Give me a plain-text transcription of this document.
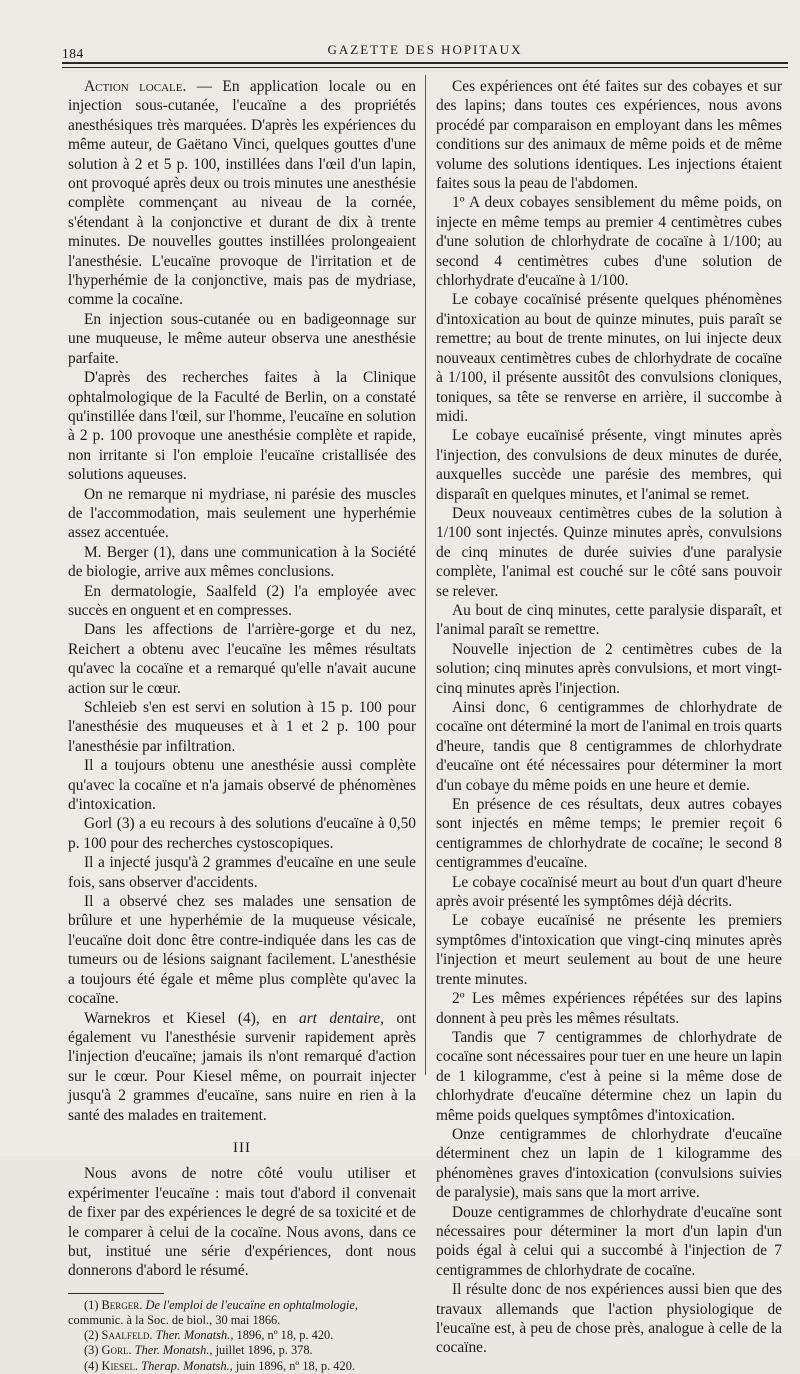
184	GAZETTE DES HOPITAUX

Action locale. — En application locale ou en injection sous-cutanée, l'eucaïne a des propriétés anesthésiques très marquées. D'après les expériences du même auteur, de Gaëtano Vinci, quelques gouttes d'une solution à 2 et 5 p. 100, instillées dans l'œil d'un lapin, ont provoqué après deux ou trois minutes une anesthésie complète commençant au niveau de la cornée, s'étendant à la conjonctive et durant de dix à trente minutes. De nouvelles gouttes instillées prolongeaient l'anesthésie. L'eucaïne provoque de l'irritation et de l'hyperhémie de la conjonctive, mais pas de mydriase, comme la cocaïne.

En injection sous-cutanée ou en badigeonnage sur une muqueuse, le même auteur observa une anesthésie parfaite.

D'après des recherches faites à la Clinique ophtalmologique de la Faculté de Berlin, on a constaté qu'instillée dans l'œil, sur l'homme, l'eucaïne en solution à 2 p. 100 provoque une anesthésie complète et rapide, non irritante si l'on emploie l'eucaïne cristallisée des solutions aqueuses.

On ne remarque ni mydriase, ni parésie des muscles de l'accommodation, mais seulement une hyperhémie assez accentuée.

M. Berger (1), dans une communication à la Société de biologie, arrive aux mêmes conclusions.

En dermatologie, Saalfeld (2) l'a employée avec succès en onguent et en compresses.

Dans les affections de l'arrière-gorge et du nez, Reichert a obtenu avec l'eucaïne les mêmes résultats qu'avec la cocaïne et a remarqué qu'elle n'avait aucune action sur le cœur.

Schleieb s'en est servi en solution à 15 p. 100 pour l'anesthésie des muqueuses et à 1 et 2 p. 100 pour l'anesthésie par infiltration.

Il a toujours obtenu une anesthésie aussi complète qu'avec la cocaïne et n'a jamais observé de phénomènes d'intoxication.

Gorl (3) a eu recours à des solutions d'eucaïne à 0,50 p. 100 pour des recherches cystoscopiques.

Il a injecté jusqu'à 2 grammes d'eucaïne en une seule fois, sans observer d'accidents.

Il a observé chez ses malades une sensation de brûlure et une hyperhémie de la muqueuse vésicale, l'eucaïne doit donc être contre-indiquée dans les cas de tumeurs ou de lésions saignant facilement. L'anesthésie a toujours été égale et même plus complète qu'avec la cocaïne.

Warnekros et Kiesel (4), en art dentaire, ont également vu l'anesthésie survenir rapidement après l'injection d'eucaïne; jamais ils n'ont remarqué d'action sur le cœur. Pour Kiesel même, on pourrait injecter jusqu'à 2 grammes d'eucaïne, sans nuire en rien à la santé des malades en traitement.

III

Nous avons de notre côté voulu utiliser et expérimenter l'eucaïne : mais tout d'abord il convenait de fixer par des expériences le degré de sa toxicité et de le comparer à celui de la cocaïne. Nous avons, dans ce but, institué une série d'expériences, dont nous donnerons d'abord le résumé.

(1) Berger. De l'emploi de l'eucaïne en ophtalmologie, communic. à la Soc. de biol., 30 mai 1866.

(2) Saalfeld. Ther. Monatsh., 1896, nº 18, p. 420.

(3) Gorl. Ther. Monatsh., juillet 1896, p. 378.

(4) Kiesel. Therap. Monatsh., juin 1896, nº 18, p. 420.

Ces expériences ont été faites sur des cobayes et sur des lapins; dans toutes ces expériences, nous avons procédé par comparaison en employant dans les mêmes conditions sur des animaux de même poids et de même volume des solutions identiques. Les injections étaient faites sous la peau de l'abdomen.

1º A deux cobayes sensiblement du même poids, on injecte en même temps au premier 4 centimètres cubes d'une solution de chlorhydrate de cocaïne à 1/100; au second 4 centimètres cubes d'une solution de chlorhydrate d'eucaïne à 1/100.

Le cobaye cocaïnisé présente quelques phénomènes d'intoxication au bout de quinze minutes, puis paraît se remettre; au bout de trente minutes, on lui injecte deux nouveaux centimètres cubes de chlorhydrate de cocaïne à 1/100, il présente aussitôt des convulsions cloniques, toniques, sa tête se renverse en arrière, il succombe à midi.

Le cobaye eucaïnisé présente, vingt minutes après l'injection, des convulsions de deux minutes de durée, auxquelles succède une parésie des membres, qui disparaît en quelques minutes, et l'animal se remet.

Deux nouveaux centimètres cubes de la solution à 1/100 sont injectés. Quinze minutes après, convulsions de cinq minutes de durée suivies d'une paralysie complète, l'animal est couché sur le côté sans pouvoir se relever.

Au bout de cinq minutes, cette paralysie disparaît, et l'animal paraît se remettre.

Nouvelle injection de 2 centimètres cubes de la solution; cinq minutes après convulsions, et mort vingt-cinq minutes après l'injection.

Ainsi donc, 6 centigrammes de chlorhydrate de cocaïne ont déterminé la mort de l'animal en trois quarts d'heure, tandis que 8 centigrammes de chlorhydrate d'eucaïne ont été nécessaires pour déterminer la mort d'un cobaye du même poids en une heure et demie.

En présence de ces résultats, deux autres cobayes sont injectés en même temps; le premier reçoit 6 centigrammes de chlorhydrate de cocaïne; le second 8 centigrammes d'eucaïne.

Le cobaye cocaïnisé meurt au bout d'un quart d'heure après avoir présenté les symptômes déjà décrits.

Le cobaye eucaïnisé ne présente les premiers symptômes d'intoxication que vingt-cinq minutes après l'injection et meurt seulement au bout de une heure trente minutes.

2º Les mêmes expériences répétées sur des lapins donnent à peu près les mêmes résultats.

Tandis que 7 centigrammes de chlorhydrate de cocaïne sont nécessaires pour tuer en une heure un lapin de 1 kilogramme, c'est à peine si la même dose de chlorhydrate d'eucaïne détermine chez un lapin du même poids quelques symptômes d'intoxication.

Onze centigrammes de chlorhydrate d'eucaïne déterminent chez un lapin de 1 kilogramme des phénomènes graves d'intoxication (convulsions suivies de paralysie), mais sans que la mort arrive.

Douze centigrammes de chlorhydrate d'eucaïne sont nécessaires pour déterminer la mort d'un lapin d'un poids égal à celui qui a succombé à l'injection de 7 centigrammes de chlorhydrate de cocaïne.

Il résulte donc de nos expériences aussi bien que des travaux allemands que l'action physiologique de l'eucaïne est, à peu de chose près, analogue à celle de la cocaïne.
